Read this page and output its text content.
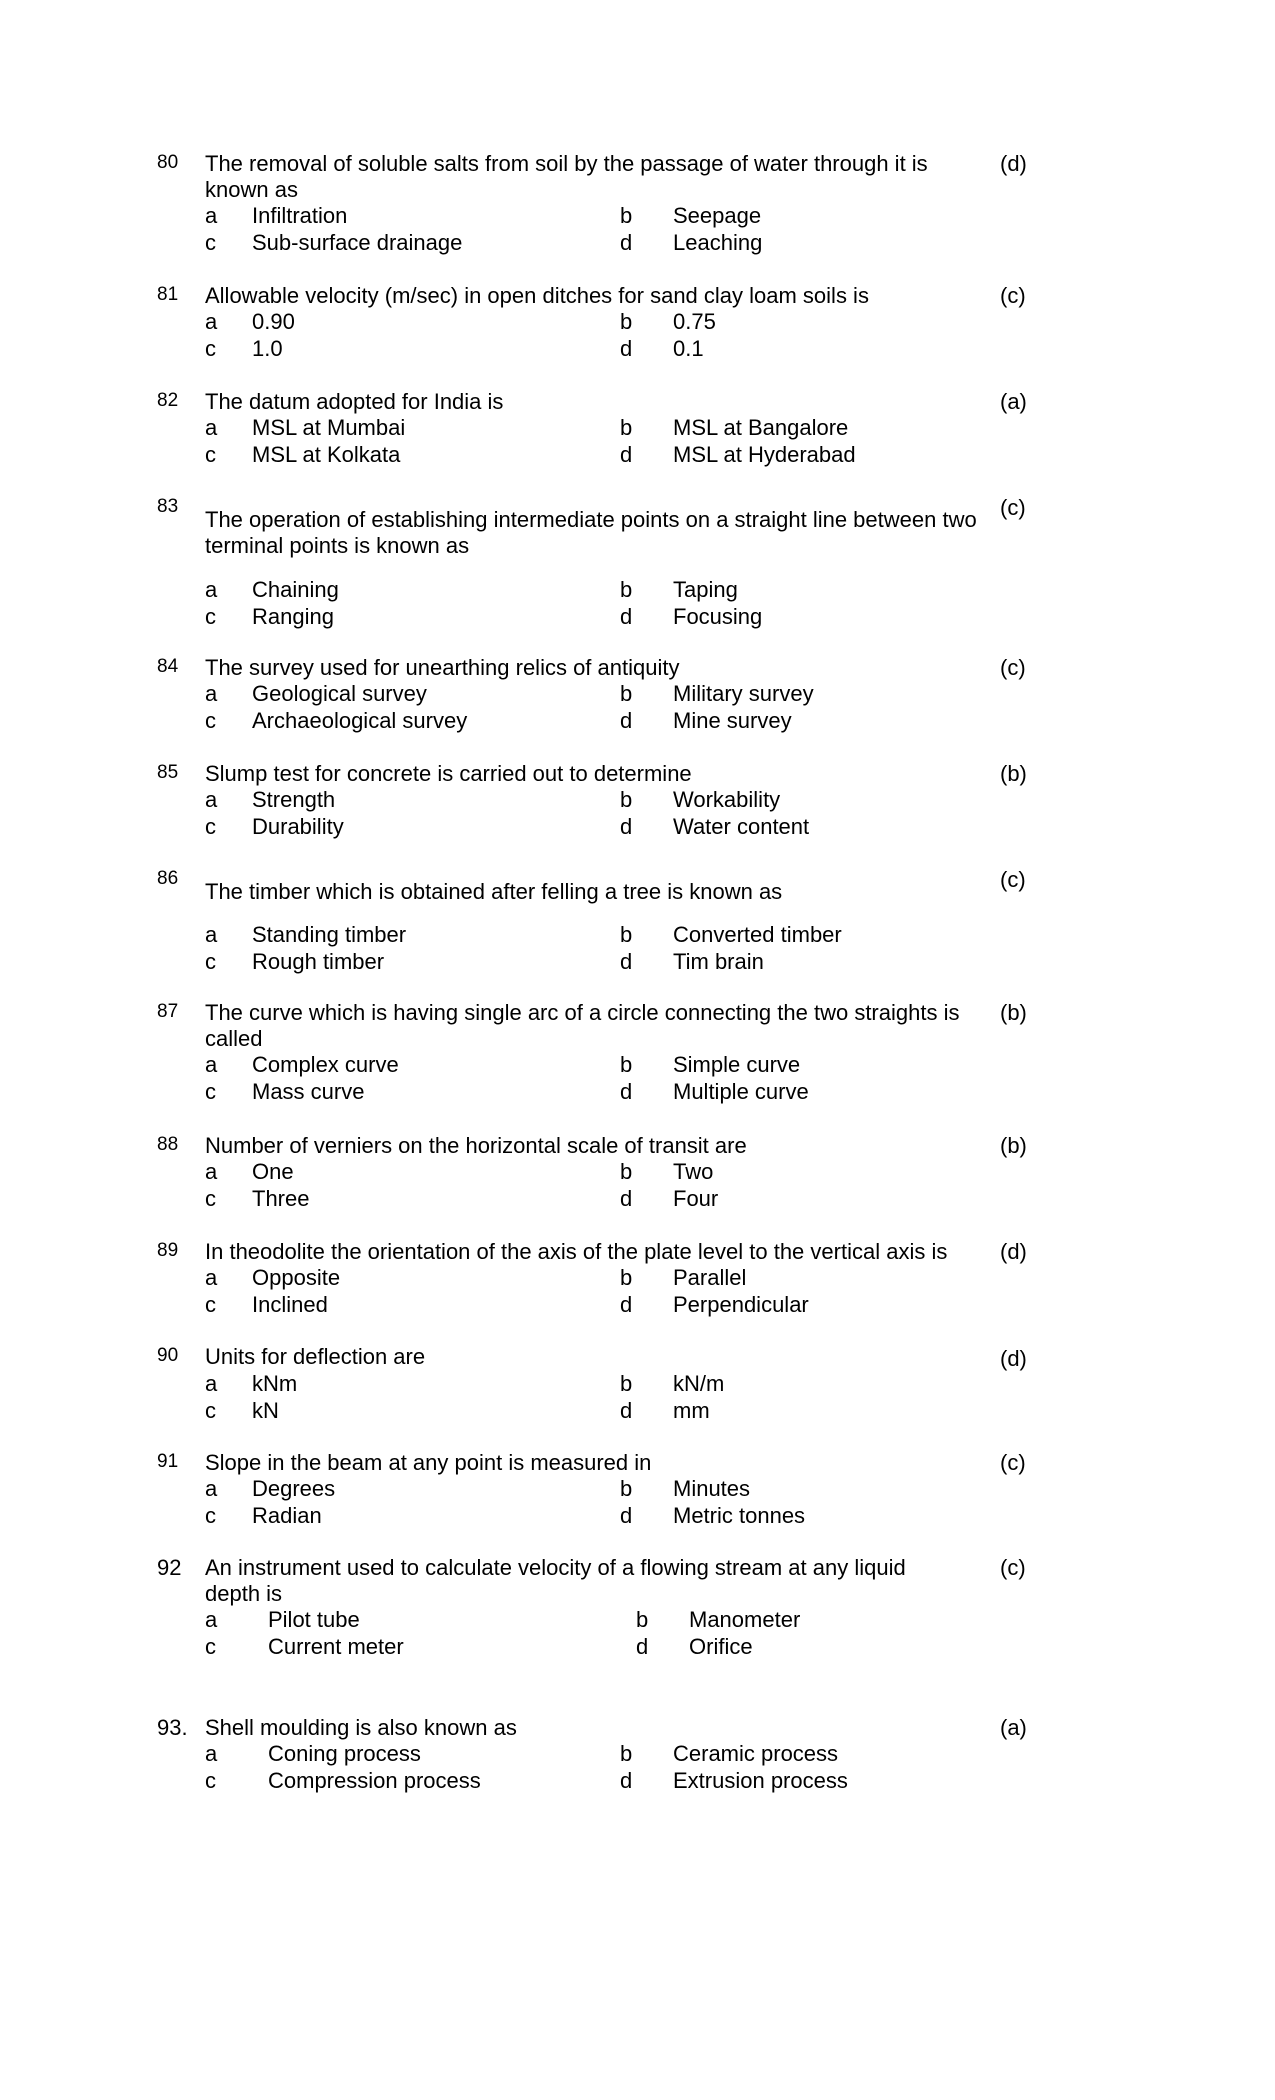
80 The removal of soluble salts from soil by the passage of water through it is known as
(d)
a Infiltration	b Seepage
c Sub-surface drainage	d Leaching
81 Allowable velocity (m/sec) in open ditches for sand clay loam soils is	(c)
a 0.90	b 0.75
c 1.0	d 0.1
82 The datum adopted for India is	(a)
a MSL at Mumbai	b MSL at Bangalore
c MSL at Kolkata	d MSL at Hyderabad
83
The operation of establishing intermediate points on a straight line between two terminal points is known as
(c)
a Chaining	b Taping
c Ranging	d Focusing
84 The survey used for unearthing relics of antiquity	(c)
a Geological survey	b Military survey
c Archaeological survey	d Mine survey
85 Slump test for concrete is carried out to determine	(b)
a Strength	b Workability
c Durability	d Water content
86
The timber which is obtained after felling a tree is known as	(c)
a Standing timber	b Converted timber
c Rough timber	d Tim brain
87 The curve which is having single arc of a circle connecting the two straights is called
(b)
a Complex curve	b Simple curve
c Mass curve	d Multiple curve
88 Number of verniers on the horizontal scale of transit are	(b)
a One	b Two
c Three	d Four
89 In theodolite the orientation of the axis of the plate level to the vertical axis is	(d)
a Opposite	b Parallel
c Inclined	d Perpendicular
90 Units for deflection are	(d)
a kNm	b kN/m
c kN	d mm
91 Slope in the beam at any point is measured in	(c)
a Degrees	b Minutes
c Radian	d Metric tonnes
92 An instrument used to calculate velocity of a flowing stream at any liquid depth is
(c)
a Pilot tube	b Manometer
c Current meter	d Orifice
93. Shell moulding is also known as	(a)
a Coning process	b Ceramic process
c Compression process	d Extrusion process
